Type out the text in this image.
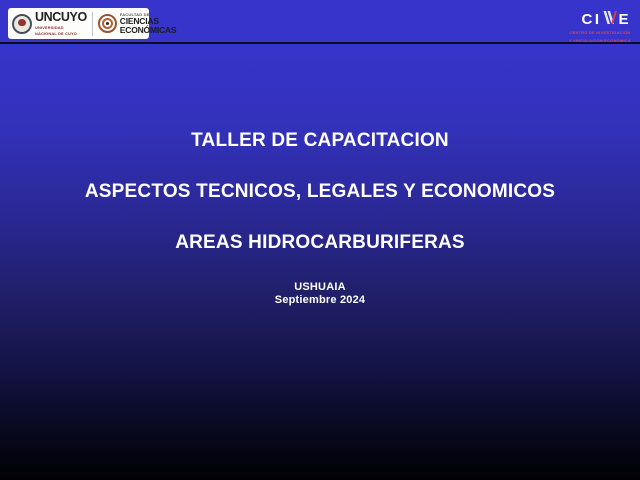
UNCUYO
UNIVERSIDAD
NACIONAL DE CUYO
FACULTAD DE
CIENCIAS
ECONÓMICAS
CI E
CENTRO DE INVESTIGACIÓN
Y VINCULACIÓN ECONÓMICA
TALLER DE CAPACITACION
ASPECTOS TECNICOS, LEGALES Y ECONOMICOS
AREAS HIDROCARBURIFERAS
USHUAIA
Septiembre 2024
